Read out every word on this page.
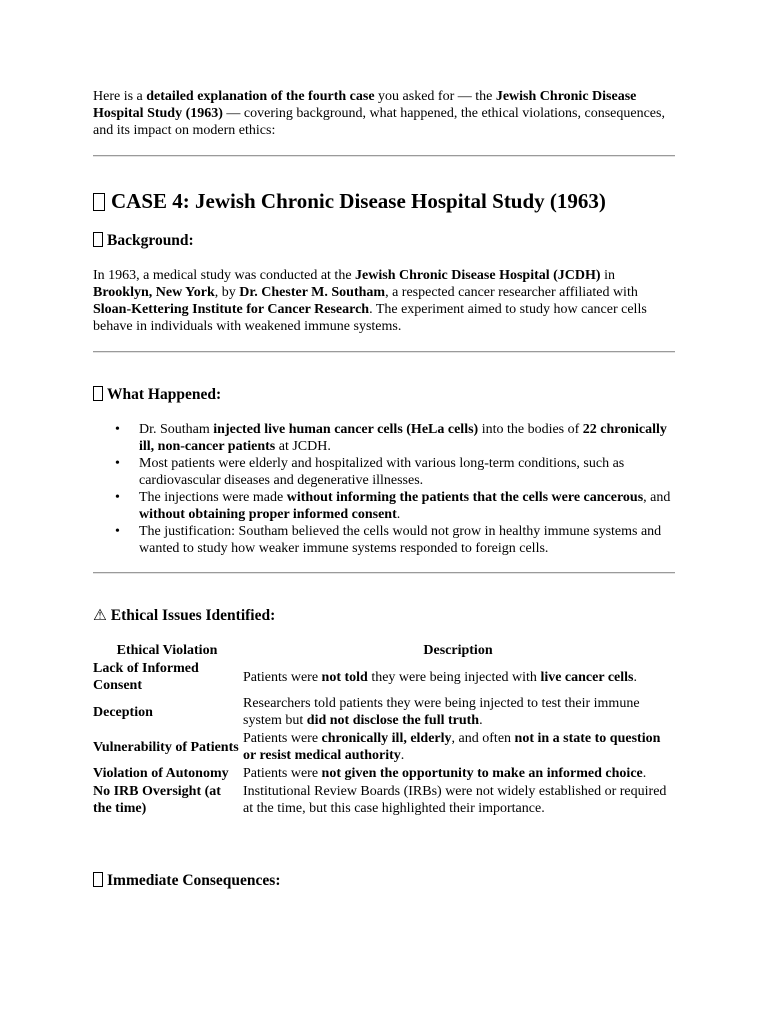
Here is a detailed explanation of the fourth case you asked for — the Jewish Chronic Disease Hospital Study (1963) — covering background, what happened, the ethical violations, consequences, and its impact on modern ethics:

CASE 4: Jewish Chronic Disease Hospital Study (1963)
Background:

In 1963, a medical study was conducted at the Jewish Chronic Disease Hospital (JCDH) in Brooklyn, New York, by Dr. Chester M. Southam, a respected cancer researcher affiliated with Sloan-Kettering Institute for Cancer Research. The experiment aimed to study how cancer cells behave in individuals with weakened immune systems.

What Happened:
• Dr. Southam injected live human cancer cells (HeLa cells) into the bodies of 22 chronically ill, non-cancer patients at JCDH.
• Most patients were elderly and hospitalized with various long-term conditions, such as cardiovascular diseases and degenerative illnesses.
• The injections were made without informing the patients that the cells were cancerous, and without obtaining proper informed consent.
• The justification: Southam believed the cells would not grow in healthy immune systems and wanted to study how weaker immune systems responded to foreign cells.
⚠ Ethical Issues Identified:
Ethical Violation	Description
Lack of Informed Consent	Patients were not told they were being injected with live cancer cells.
Deception	Researchers told patients they were being injected to test their immune system but did not disclose the full truth.
Vulnerability of Patients	Patients were chronically ill, elderly, and often not in a state to question or resist medical authority.
Violation of Autonomy	Patients were not given the opportunity to make an informed choice.
No IRB Oversight (at the time)	Institutional Review Boards (IRBs) were not widely established or required at the time, but this case highlighted their importance.
Immediate Consequences:
